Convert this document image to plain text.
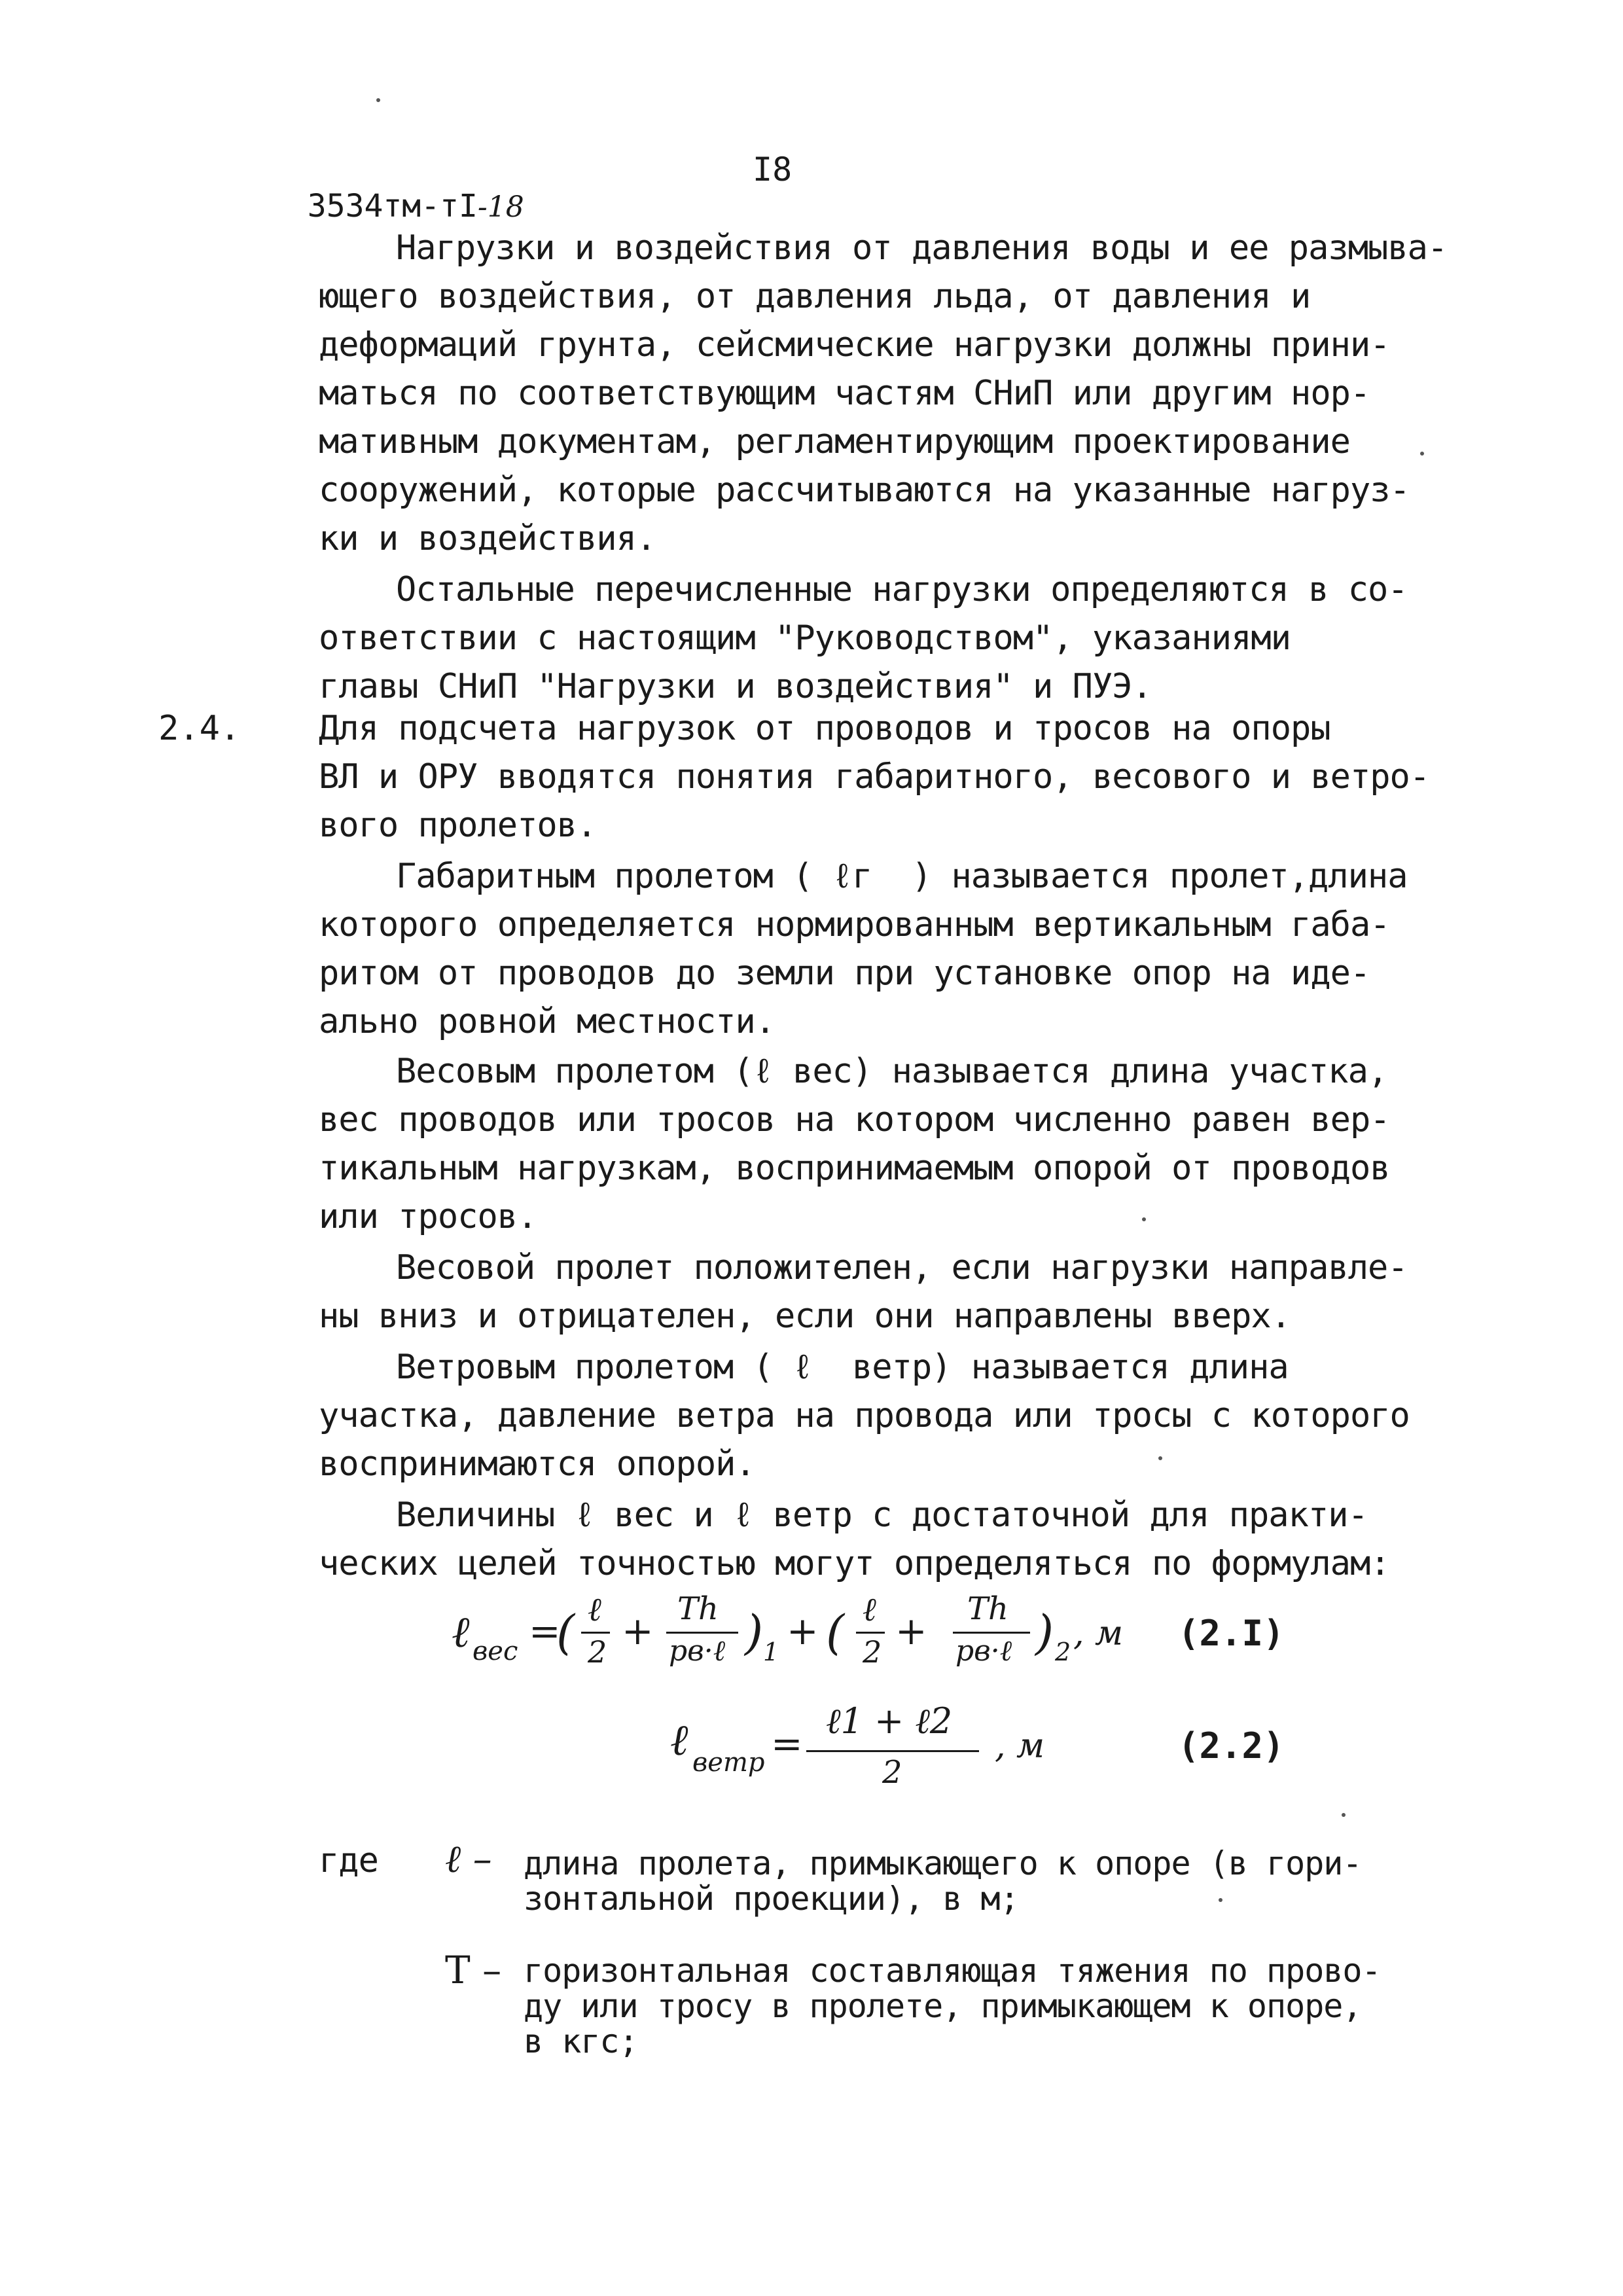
3534тм-тI-18

I8
Нагрузки и воздействия от давления воды и ее размыва-
ющего воздействия, от давления льда, от давления и
деформаций грунта, сейсмические нагрузки должны прини-
маться по соответствующим частям СНиП или другим нор-
мативным документам, регламентирующим проектирование
сооружений, которые рассчитываются на указанные нагруз-
ки и воздействия.
Остальные перечисленные нагрузки определяются в со-
ответствии с настоящим "Руководством", указаниями
главы СНиП "Нагрузки и воздействия" и ПУЭ.
2.4. Для подсчета нагрузок от проводов и тросов на опоры
ВЛ и ОРУ вводятся понятия габаритного, весового и ветро-
вого пролетов.
Габаритным пролетом ( ℓг  ) называется пролет,длина
которого определяется нормированным вертикальным габа-
ритом от проводов до земли при установке опор на иде-
ально ровной местности.
Весовым пролетом (ℓ вес) называется длина участка,
вес проводов или тросов на котором численно равен вер-
тикальным нагрузкам, воспринимаемым опорой от проводов
или тросов.
Весовой пролет положителен, если нагрузки направле-
ны вниз и отрицателен, если они направлены вверх.
Ветровым пролетом ( ℓ  ветр) называется длина
участка, давление ветра на провода или тросы с которого
воспринимаются опорой.
Величины ℓ вес и ℓ ветр с достаточной для практи-
ческих целей точностью могут определяться по формулам:
ℓ вес =
( ℓ
2 + Th
pв·ℓ ) 1 + ( ℓ
2 + Th
pв·ℓ ) 2 , м (2.I)
ℓ ветр =
ℓ1 + ℓ2
2
, м	(2.2)
где ℓ – длина пролета, примыкающего к опоре (в гори-
зонтальной проекции), в м;
T – горизонтальная составляющая тяжения по прово-
ду или тросу в пролете, примыкающем к опоре,
в кгс;
